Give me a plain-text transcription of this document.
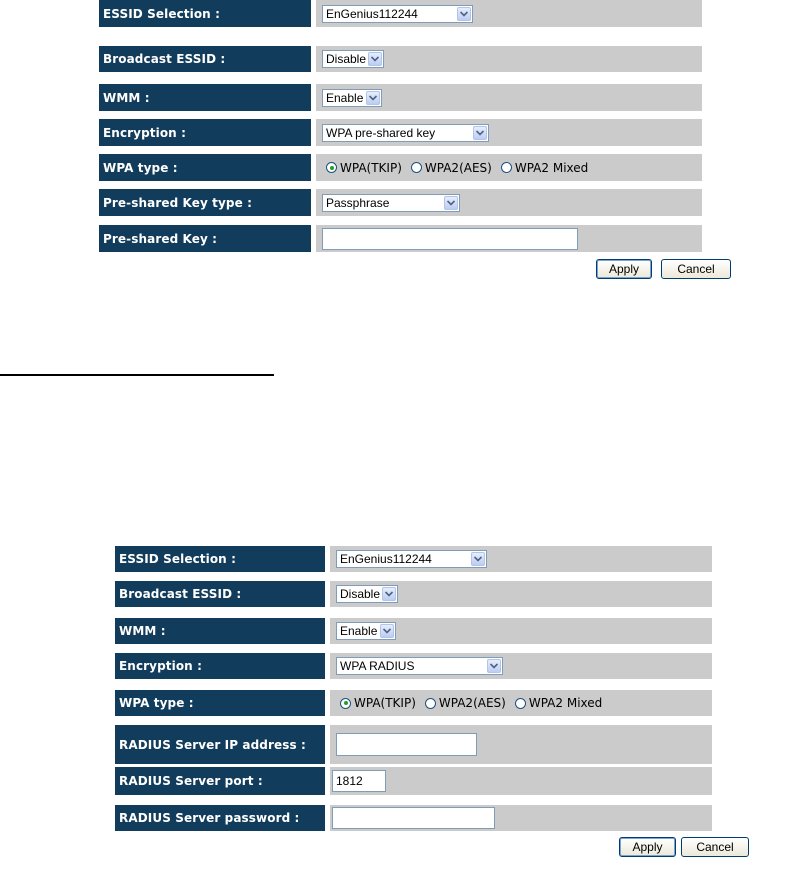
ESSID Selection :	EnGenius112244
Broadcast ESSID :	Disable
WMM :	Enable
Encryption :	WPA pre-shared key
WPA type :	WPA(TKIP) WPA2(AES) WPA2 Mixed
Pre-shared Key type :	Passphrase
Pre-shared Key :
Apply	Cancel
ESSID Selection :	EnGenius112244
Broadcast ESSID :	Disable
WMM :	Enable
Encryption :	WPA RADIUS
WPA type :	WPA(TKIP) WPA2(AES) WPA2 Mixed
RADIUS Server IP address :
RADIUS Server port :	1812
RADIUS Server password :
Apply	Cancel
